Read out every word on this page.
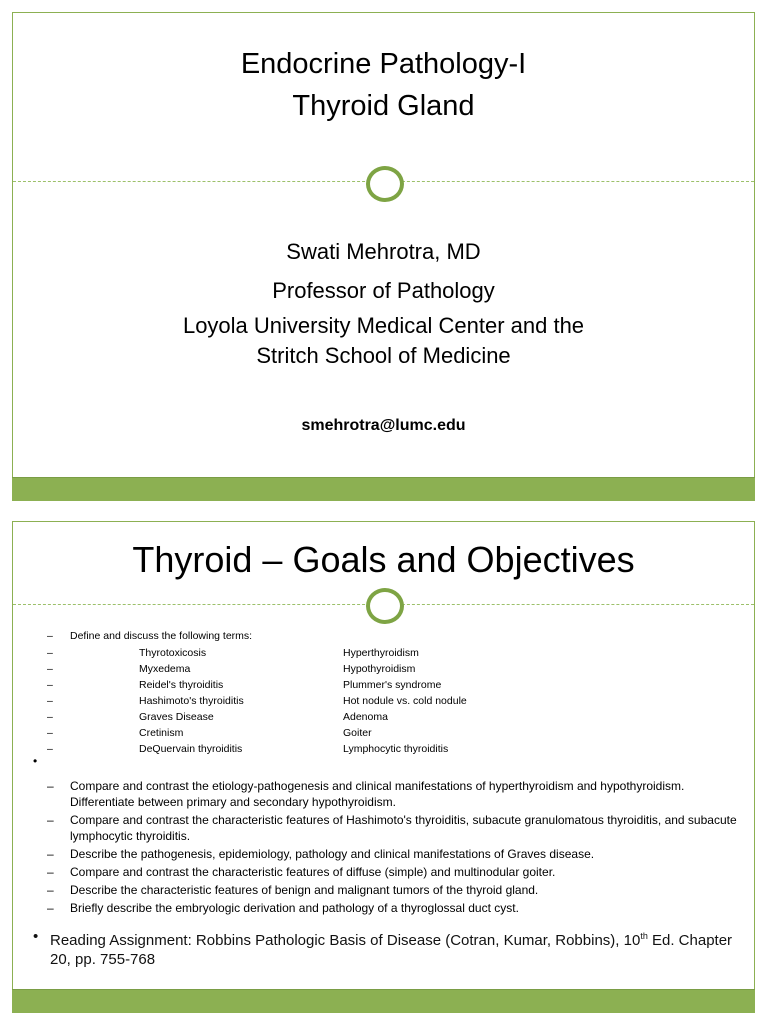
Endocrine Pathology-I
Thyroid Gland
Swati Mehrotra, MD
Professor of Pathology
Loyola University Medical Center and the
Stritch School of Medicine
smehrotra@lumc.edu
Thyroid – Goals and Objectives
– Define and discuss the following terms:
–	Thyrotoxicosis	Hyperthyroidism
–	Myxedema	Hypothyroidism
–	Reidel's thyroiditis	Plummer's syndrome
–	Hashimoto's thyroiditis	Hot nodule vs. cold nodule
–	Graves Disease	Adenoma
–	Cretinism	Goiter
–	DeQuervain thyroiditis	Lymphocytic thyroiditis
•
– Compare and contrast the etiology-pathogenesis and clinical manifestations of hyperthyroidism and hypothyroidism. Differentiate between primary and secondary hypothyroidism.
– Compare and contrast the characteristic features of Hashimoto's thyroiditis, subacute granulomatous thyroiditis, and subacute lymphocytic thyroiditis.
– Describe the pathogenesis, epidemiology, pathology and clinical manifestations of Graves disease.
– Compare and contrast the characteristic features of diffuse (simple) and multinodular goiter.
– Describe the characteristic features of benign and malignant tumors of the thyroid gland.
– Briefly describe the embryologic derivation and pathology of a thyroglossal duct cyst.
• Reading Assignment: Robbins Pathologic Basis of Disease (Cotran, Kumar, Robbins), 10th Ed. Chapter 20, pp. 755-768
